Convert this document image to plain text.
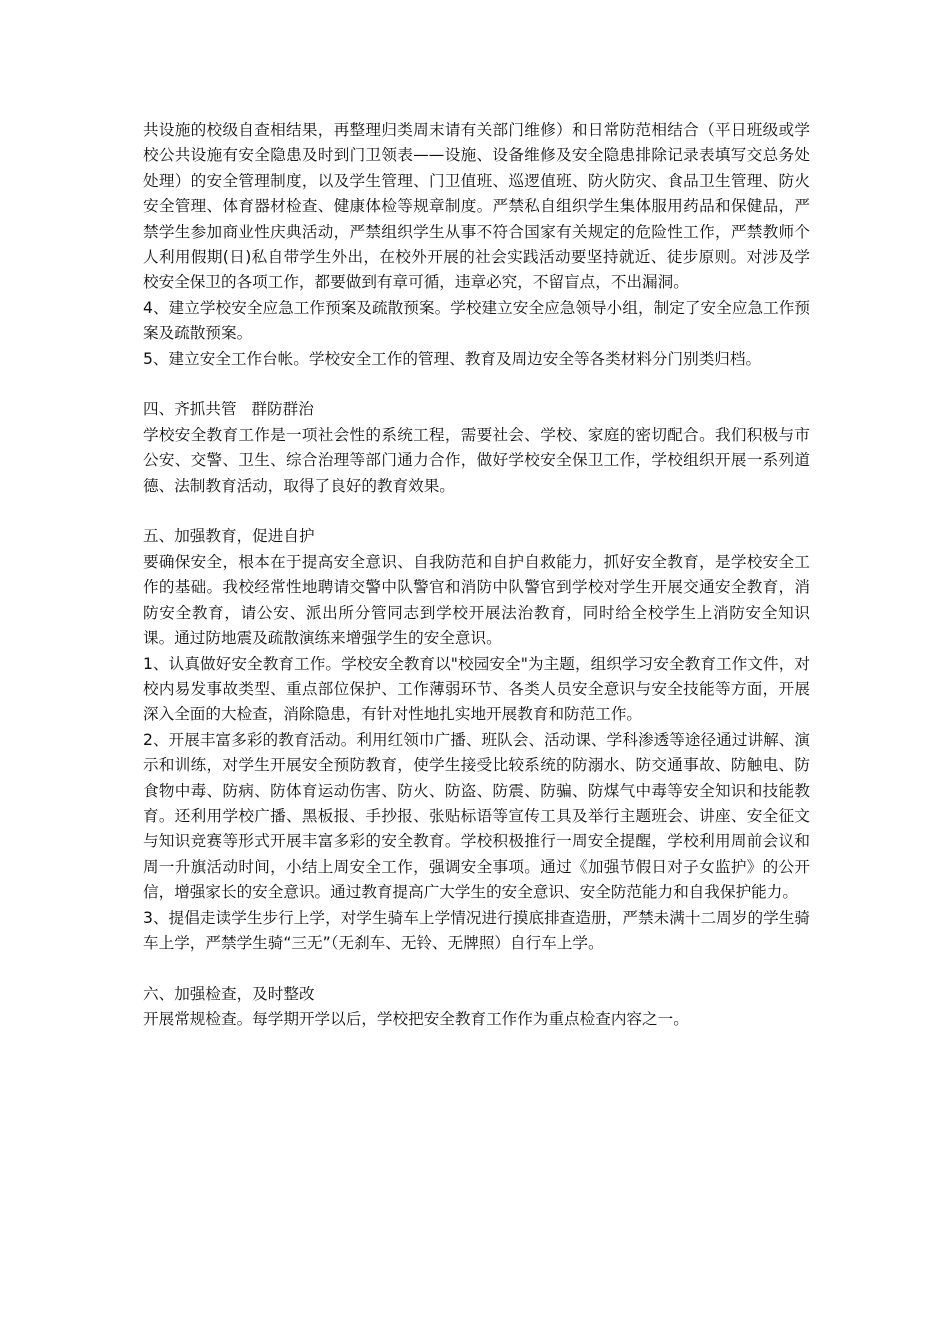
共设施的校级自查相结果，再整理归类周末请有关部门维修）和日常防范相结合（平日班级或学校公共设施有安全隐患及时到门卫领表——设施、设备维修及安全隐患排除记录表填写交总务处处理）的安全管理制度，以及学生管理、门卫值班、巡逻值班、防火防灾、食品卫生管理、防火安全管理、体育器材检查、健康体检等规章制度。严禁私自组织学生集体服用药品和保健品，严禁学生参加商业性庆典活动，严禁组织学生从事不符合国家有关规定的危险性工作，严禁教师个人利用假期(日)私自带学生外出，在校外开展的社会实践活动要坚持就近、徒步原则。对涉及学校安全保卫的各项工作，都要做到有章可循，违章必究，不留盲点，不出漏洞。

4、建立学校安全应急工作预案及疏散预案。学校建立安全应急领导小组，制定了安全应急工作预案及疏散预案。

5、建立安全工作台帐。学校安全工作的管理、教育及周边安全等各类材料分门别类归档。

四、齐抓共管   群防群治

学校安全教育工作是一项社会性的系统工程，需要社会、学校、家庭的密切配合。我们积极与市公安、交警、卫生、综合治理等部门通力合作，做好学校安全保卫工作，学校组织开展一系列道德、法制教育活动，取得了良好的教育效果。

五、加强教育，促进自护

要确保安全，根本在于提高安全意识、自我防范和自护自救能力，抓好安全教育，是学校安全工作的基础。我校经常性地聘请交警中队警官和消防中队警官到学校对学生开展交通安全教育，消防安全教育，请公安、派出所分管同志到学校开展法治教育，同时给全校学生上消防安全知识课。通过防地震及疏散演练来增强学生的安全意识。

1、认真做好安全教育工作。学校安全教育以"校园安全"为主题，组织学习安全教育工作文件，对校内易发事故类型、重点部位保护、工作薄弱环节、各类人员安全意识与安全技能等方面，开展深入全面的大检查，消除隐患，有针对性地扎实地开展教育和防范工作。

2、开展丰富多彩的教育活动。利用红领巾广播、班队会、活动课、学科渗透等途径通过讲解、演示和训练，对学生开展安全预防教育，使学生接受比较系统的防溺水、防交通事故、防触电、防食物中毒、防病、防体育运动伤害、防火、防盗、防震、防骗、防煤气中毒等安全知识和技能教育。还利用学校广播、黑板报、手抄报、张贴标语等宣传工具及举行主题班会、讲座、安全征文与知识竞赛等形式开展丰富多彩的安全教育。学校积极推行一周安全提醒，学校利用周前会议和周一升旗活动时间，小结上周安全工作，强调安全事项。通过《加强节假日对子女监护》的公开信，增强家长的安全意识。通过教育提高广大学生的安全意识、安全防范能力和自我保护能力。

3、提倡走读学生步行上学，对学生骑车上学情况进行摸底排查造册，严禁未满十二周岁的学生骑车上学，严禁学生骑“三无”（无刹车、无铃、无牌照）自行车上学。

六、加强检查，及时整改

开展常规检查。每学期开学以后，学校把安全教育工作作为重点检查内容之一。
